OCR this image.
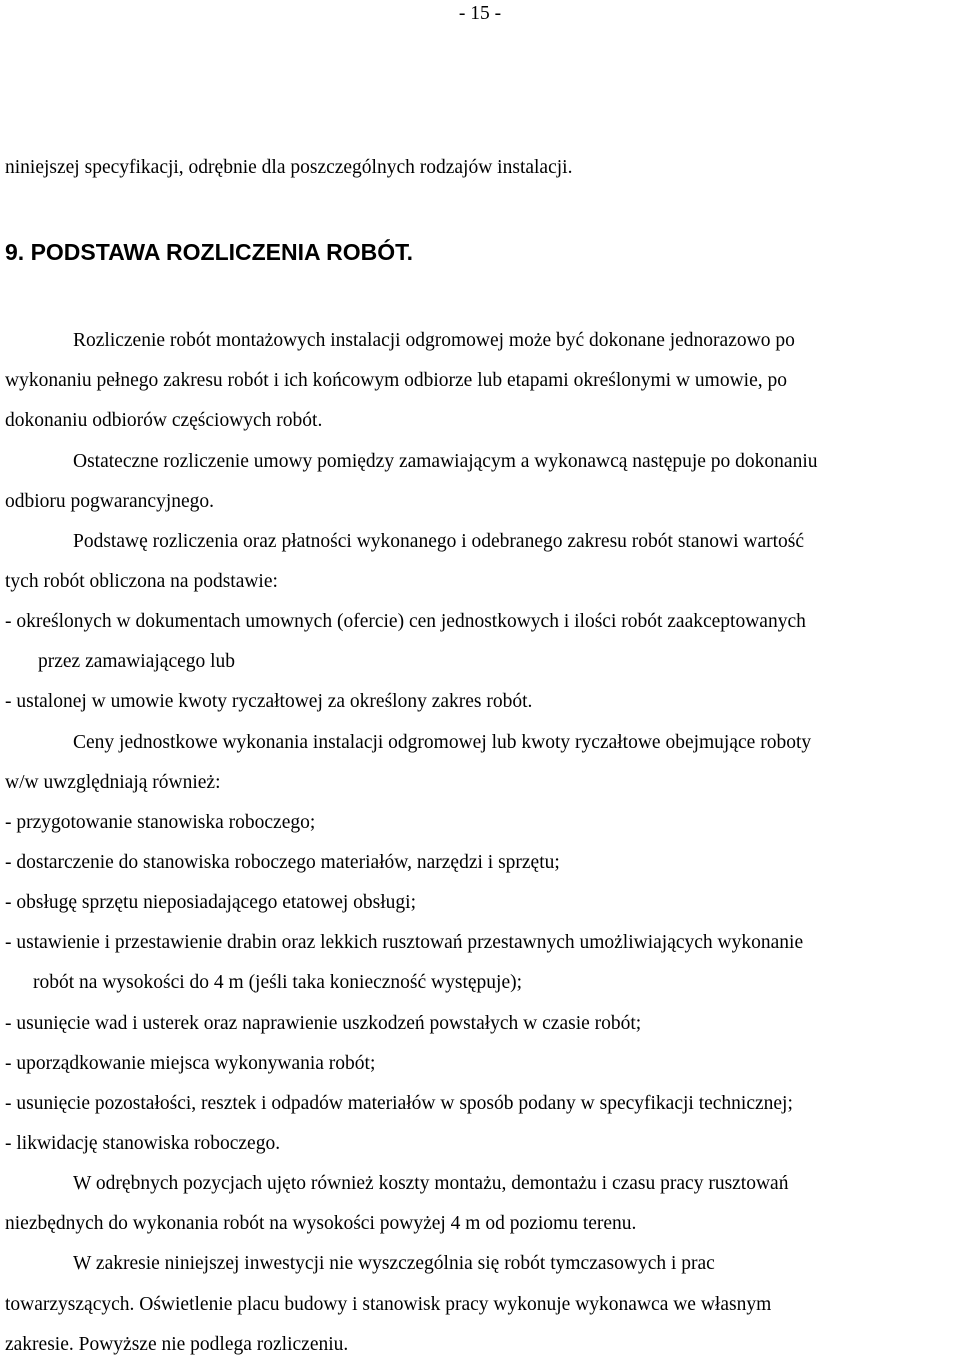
- 15 -
niniejszej specyfikacji, odrębnie dla poszczególnych rodzajów instalacji.
9. PODSTAWA ROZLICZENIA ROBÓT.
Rozliczenie robót montażowych instalacji odgromowej może być dokonane jednorazowo po
wykonaniu pełnego zakresu robót i ich końcowym odbiorze lub etapami określonymi w umowie, po
dokonaniu odbiorów częściowych robót.
Ostateczne rozliczenie umowy pomiędzy zamawiającym a wykonawcą następuje po dokonaniu
odbioru pogwarancyjnego.
Podstawę rozliczenia oraz płatności wykonanego i odebranego zakresu robót stanowi wartość
tych robót obliczona na podstawie:
- określonych w dokumentach umownych (ofercie) cen jednostkowych i ilości robót zaakceptowanych
przez zamawiającego lub
- ustalonej w umowie kwoty ryczałtowej za określony zakres robót.
Ceny jednostkowe wykonania instalacji odgromowej lub kwoty ryczałtowe obejmujące roboty
w/w uwzględniają również:
- przygotowanie stanowiska roboczego;
- dostarczenie do stanowiska roboczego materiałów, narzędzi i sprzętu;
- obsługę sprzętu nieposiadającego etatowej obsługi;
- ustawienie i przestawienie drabin oraz lekkich rusztowań przestawnych umożliwiających wykonanie
robót na wysokości do 4 m (jeśli taka konieczność występuje);
- usunięcie wad i usterek oraz naprawienie uszkodzeń powstałych w czasie robót;
- uporządkowanie miejsca wykonywania robót;
- usunięcie pozostałości, resztek i odpadów materiałów w sposób podany w specyfikacji technicznej;
- likwidację stanowiska roboczego.
W odrębnych pozycjach ujęto również koszty montażu, demontażu i czasu pracy rusztowań
niezbędnych do wykonania robót na wysokości powyżej 4 m od poziomu terenu.
W zakresie niniejszej inwestycji nie wyszczególnia się robót tymczasowych i prac
towarzyszących. Oświetlenie placu budowy i stanowisk pracy wykonuje wykonawca we własnym
zakresie. Powyższe nie podlega rozliczeniu.
